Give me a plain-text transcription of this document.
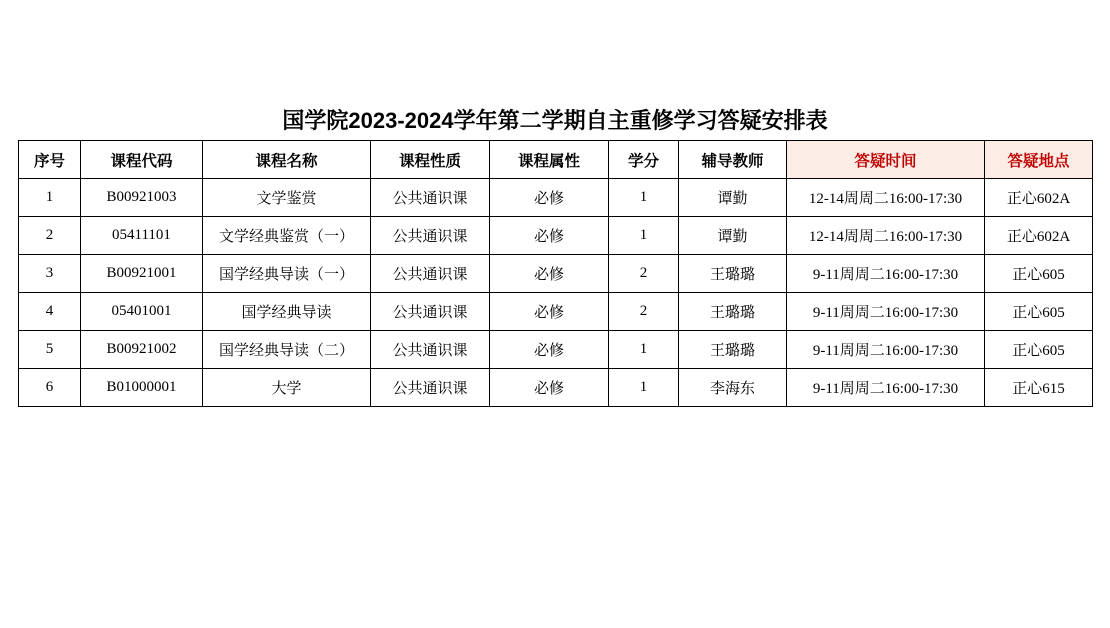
国学院2023-2024学年第二学期自主重修学习答疑安排表
序号	课程代码	课程名称	课程性质	课程属性	学分	辅导教师	答疑时间	答疑地点
1	B00921003	文学鉴赏	公共通识课	必修	1	谭勤	12-14周周二16:00-17:30	正心602A
2	05411101	文学经典鉴赏（一）	公共通识课	必修	1	谭勤	12-14周周二16:00-17:30	正心602A
3	B00921001	国学经典导读（一）	公共通识课	必修	2	王璐璐	9-11周周二16:00-17:30	正心605
4	05401001	国学经典导读	公共通识课	必修	2	王璐璐	9-11周周二16:00-17:30	正心605
5	B00921002	国学经典导读（二）	公共通识课	必修	1	王璐璐	9-11周周二16:00-17:30	正心605
6	B01000001	大学	公共通识课	必修	1	李海东	9-11周周二16:00-17:30	正心615
